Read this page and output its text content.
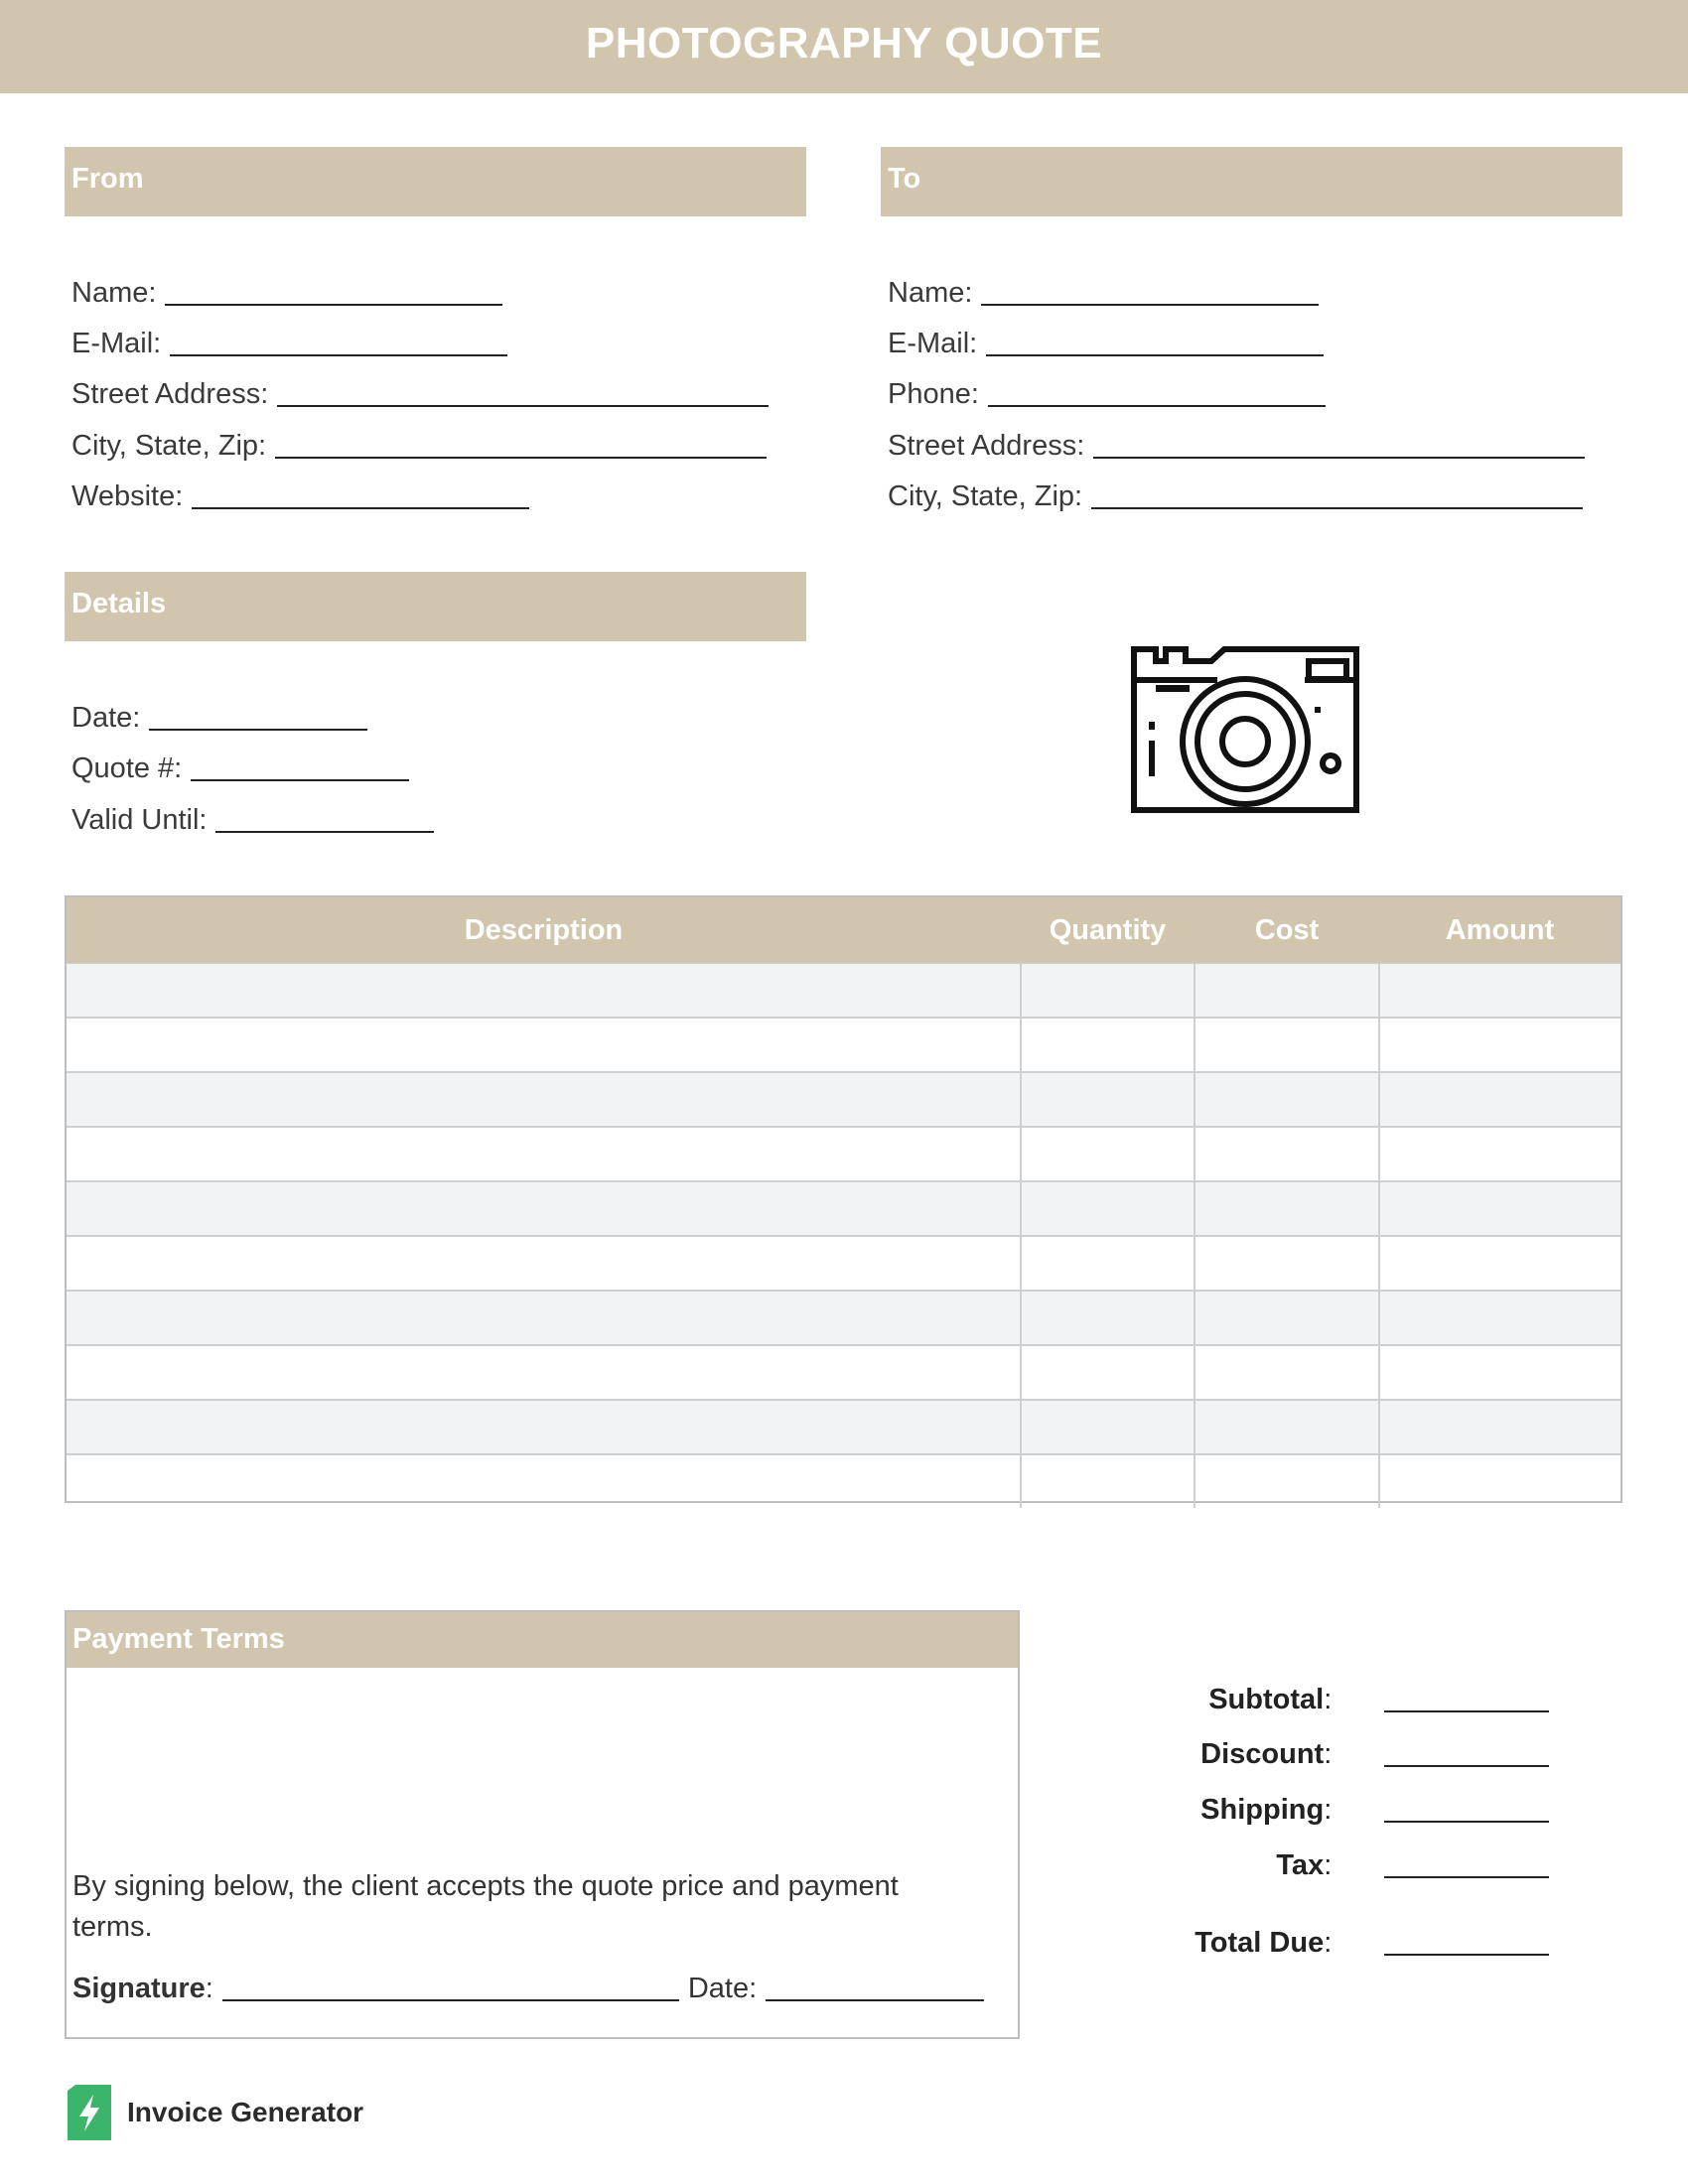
PHOTOGRAPHY QUOTE
From
Name:
E-Mail:
Street Address:
City, State, Zip:
Website:
To
Name:
E-Mail:
Phone:
Street Address:
City, State, Zip:
Details
Date:
Quote #:
Valid Until:
Description	Quantity	Cost	Amount

Payment Terms
By signing below, the client accepts the quote price and payment terms.
Signature :	Date:
Subtotal:
Discount:
Shipping:
Tax:
Total Due:
Invoice Generator
